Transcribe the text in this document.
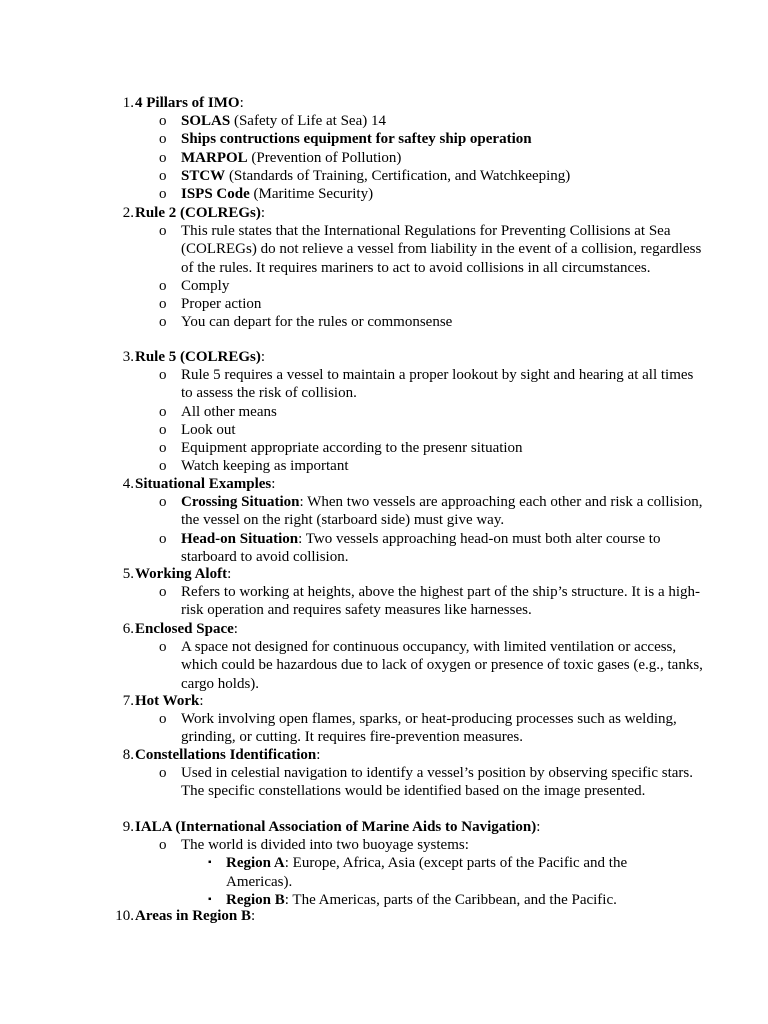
1. 4 Pillars of IMO:
o SOLAS (Safety of Life at Sea) 14
o Ships contructions equipment for saftey ship operation
o MARPOL (Prevention of Pollution)
o STCW (Standards of Training, Certification, and Watchkeeping)
o ISPS Code (Maritime Security)
2. Rule 2 (COLREGs):
o This rule states that the International Regulations for Preventing Collisions at Sea (COLREGs) do not relieve a vessel from liability in the event of a collision, regardless of the rules. It requires mariners to act to avoid collisions in all circumstances.
o Comply
o Proper action
o You can depart for the rules or commonsense
3. Rule 5 (COLREGs):
o Rule 5 requires a vessel to maintain a proper lookout by sight and hearing at all times to assess the risk of collision.
o All other means
o Look out
o Equipment appropriate according to the presenr situation
o Watch keeping as important
4. Situational Examples:
o Crossing Situation: When two vessels are approaching each other and risk a collision, the vessel on the right (starboard side) must give way.
o Head-on Situation: Two vessels approaching head-on must both alter course to starboard to avoid collision.
5. Working Aloft:
o Refers to working at heights, above the highest part of the ship’s structure. It is a high-risk operation and requires safety measures like harnesses.
6. Enclosed Space:
o A space not designed for continuous occupancy, with limited ventilation or access, which could be hazardous due to lack of oxygen or presence of toxic gases (e.g., tanks, cargo holds).
7. Hot Work:
o Work involving open flames, sparks, or heat-producing processes such as welding, grinding, or cutting. It requires fire-prevention measures.
8. Constellations Identification:
o Used in celestial navigation to identify a vessel’s position by observing specific stars. The specific constellations would be identified based on the image presented.
9. IALA (International Association of Marine Aids to Navigation):
o The world is divided into two buoyage systems:
▪ Region A: Europe, Africa, Asia (except parts of the Pacific and the Americas).
▪ Region B: The Americas, parts of the Caribbean, and the Pacific.
10. Areas in Region B:
